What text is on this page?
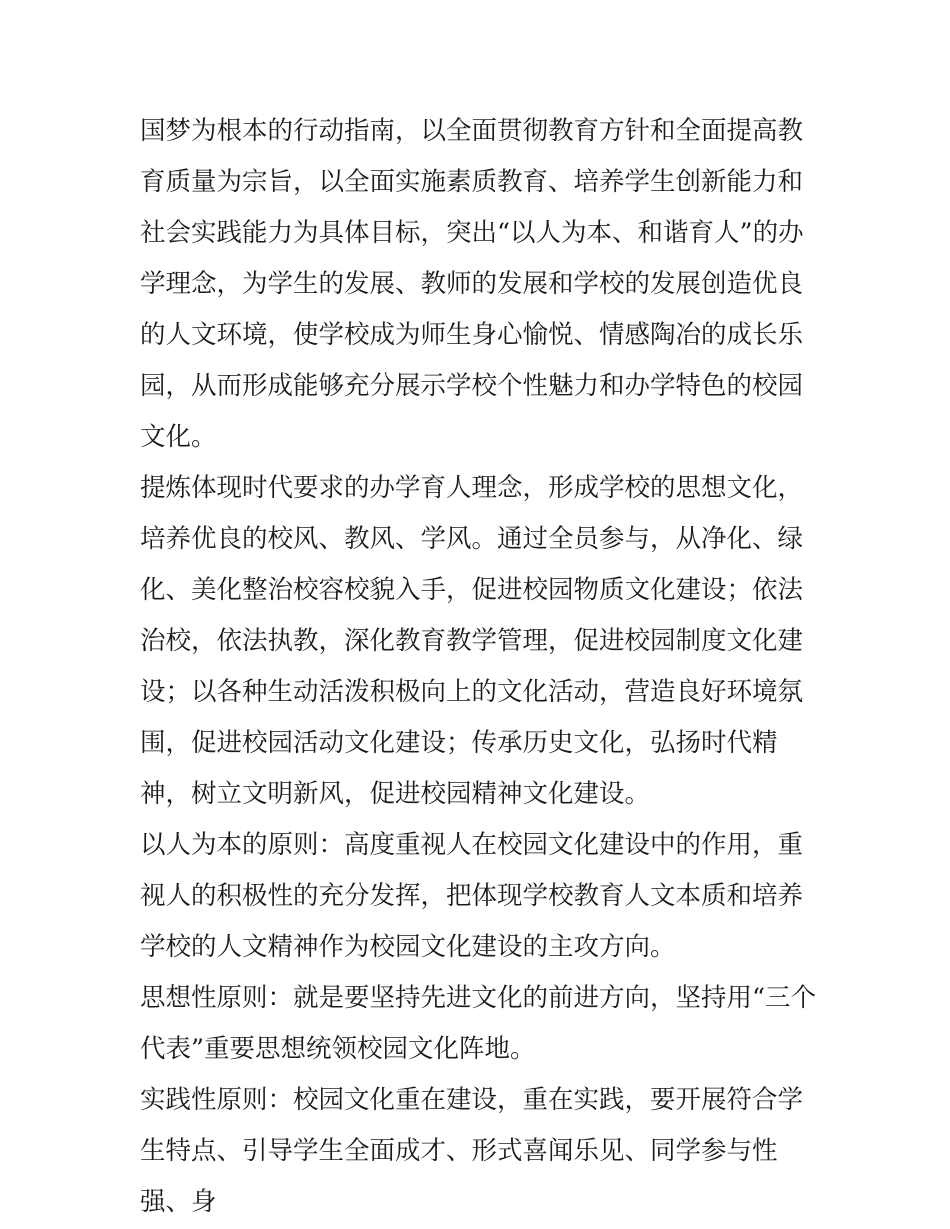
国梦为根本的行动指南，以全面贯彻教育方针和全面提高教育质量为宗旨，以全面实施素质教育、培养学生创新能力和社会实践能力为具体目标，突出“以人为本、和谐育人”的办学理念，为学生的发展、教师的发展和学校的发展创造优良的人文环境，使学校成为师生身心愉悦、情感陶冶的成长乐园，从而形成能够充分展示学校个性魅力和办学特色的校园文化。

提炼体现时代要求的办学育人理念，形成学校的思想文化，培养优良的校风、教风、学风。通过全员参与，从净化、绿化、美化整治校容校貌入手，促进校园物质文化建设；依法治校，依法执教，深化教育教学管理，促进校园制度文化建设；以各种生动活泼积极向上的文化活动，营造良好环境氛围，促进校园活动文化建设；传承历史文化，弘扬时代精神，树立文明新风，促进校园精神文化建设。

以人为本的原则：高度重视人在校园文化建设中的作用，重视人的积极性的充分发挥，把体现学校教育人文本质和培养学校的人文精神作为校园文化建设的主攻方向。

思想性原则：就是要坚持先进文化的前进方向，坚持用“三个代表”重要思想统领校园文化阵地。

实践性原则：校园文化重在建设，重在实践，要开展符合学生特点、引导学生全面成才、形式喜闻乐见、同学参与性强、身
